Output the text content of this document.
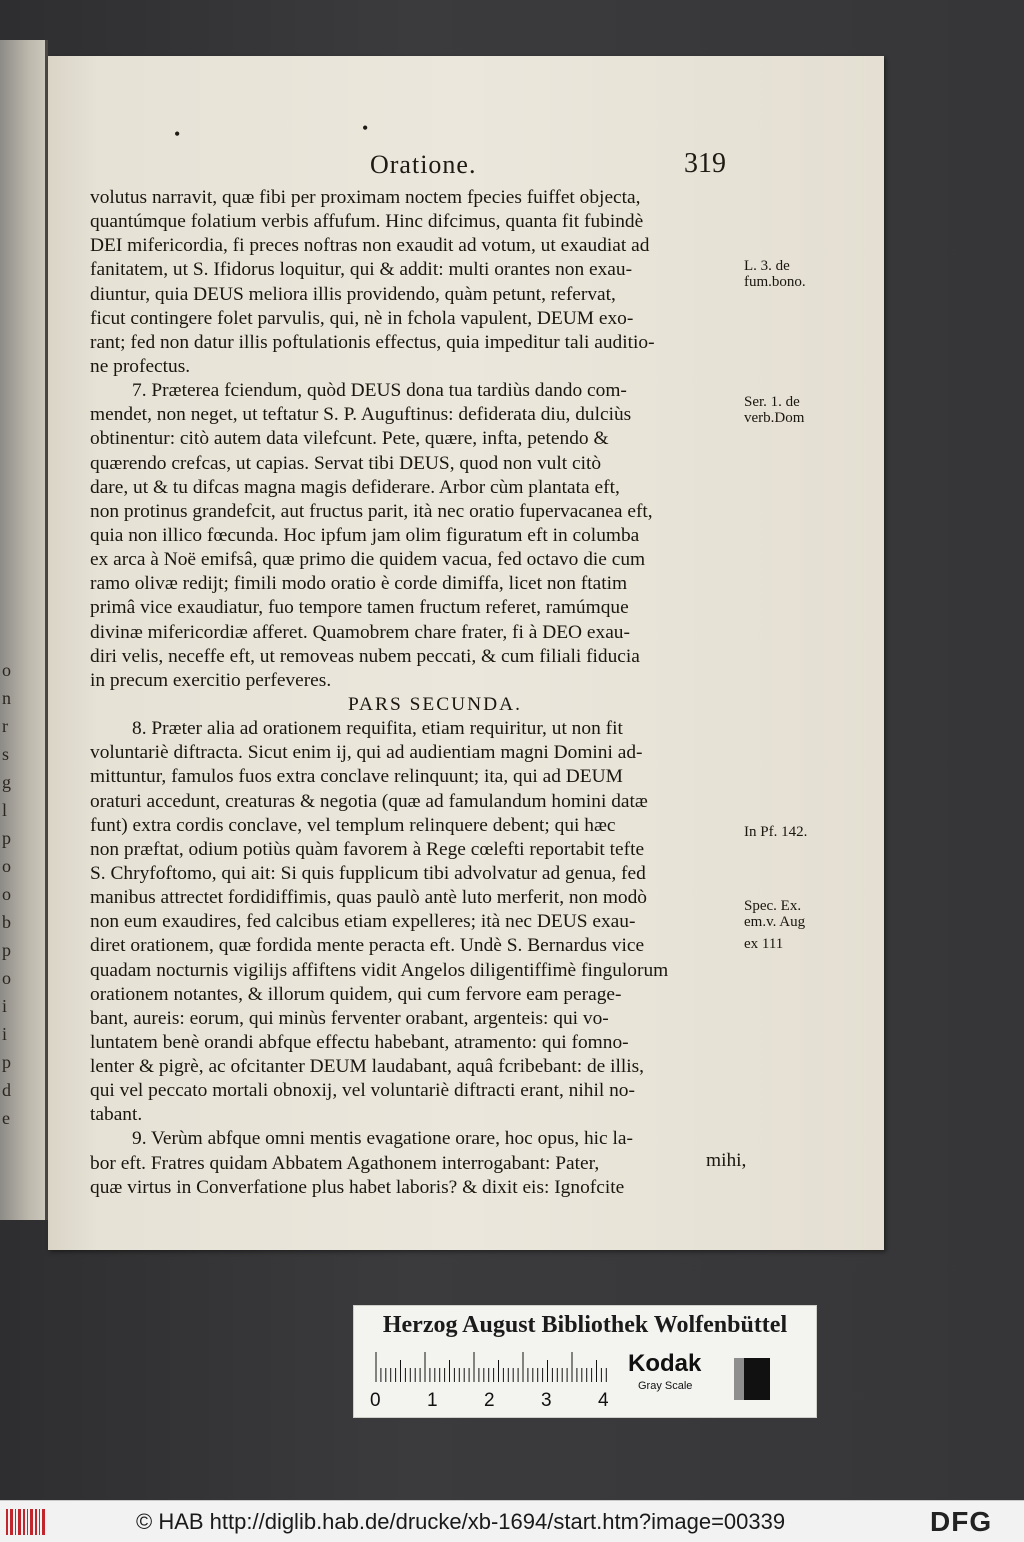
o
n
r
s
g
l
p
o
o
b
p
o
i
i
p
d
e
•	•
Oratione.	319
volutus narravit, quæ fibi per proximam noctem fpecies fuiffet objecta,
quantúmque folatium verbis affufum. Hinc difcimus, quanta fit fubindè
DEI mifericordia, fi preces noftras non exaudit ad votum, ut exaudiat ad
fanitatem, ut S. Ifidorus loquitur, qui & addit: multi orantes non exau-
diuntur, quia DEUS meliora illis providendo, quàm petunt, refervat,
ficut contingere folet parvulis, qui, nè in fchola vapulent, DEUM exo-
rant; fed non datur illis poftulationis effectus, quia impeditur tali auditio-
ne profectus.
7. Præterea fciendum, quòd DEUS dona tua tardiùs dando com-
mendet, non neget, ut teftatur S. P. Auguftinus: defiderata diu, dulciùs
obtinentur: citò autem data vilefcunt. Pete, quære, infta, petendo &
quærendo crefcas, ut capias. Servat tibi DEUS, quod non vult citò
dare, ut & tu difcas magna magis defiderare. Arbor cùm plantata eft,
non protinus grandefcit, aut fructus parit, ità nec oratio fupervacanea eft,
quia non illico fœcunda. Hoc ipfum jam olim figuratum eft in columba
ex arca à Noë emifsâ, quæ primo die quidem vacua, fed octavo die cum
ramo olivæ redijt; fimili modo oratio è corde dimiffa, licet non ftatim
primâ vice exaudiatur, fuo tempore tamen fructum referet, ramúmque
divinæ mifericordiæ afferet. Quamobrem chare frater, fi à DEO exau-
diri velis, neceffe eft, ut removeas nubem peccati, & cum filiali fiducia
in precum exercitio perfeveres.
PARS SECUNDA.
8. Præter alia ad orationem requifita, etiam requiritur, ut non fit
voluntariè diftracta. Sicut enim ij, qui ad audientiam magni Domini ad-
mittuntur, famulos fuos extra conclave relinquunt; ita, qui ad DEUM
oraturi accedunt, creaturas & negotia (quæ ad famulandum homini datæ
funt) extra cordis conclave, vel templum relinquere debent; qui hæc
non præftat, odium potiùs quàm favorem à Rege cœlefti reportabit tefte
S. Chryfoftomo, qui ait: Si quis fupplicum tibi advolvatur ad genua, fed
manibus attrectet fordidiffimis, quas paulò antè luto merferit, non modò
non eum exaudires, fed calcibus etiam expelleres; ità nec DEUS exau-
diret orationem, quæ fordida mente peracta eft. Undè S. Bernardus vice
quadam nocturnis vigilijs affiftens vidit Angelos diligentiffimè fingulorum
orationem notantes, & illorum quidem, qui cum fervore eam perage-
bant, aureis: eorum, qui minùs ferventer orabant, argenteis: qui vo-
luntatem benè orandi abfque effectu habebant, atramento: qui fomno-
lenter & pigrè, ac ofcitanter DEUM laudabant, aquâ fcribebant: de illis,
qui vel peccato mortali obnoxij, vel voluntariè diftracti erant, nihil no-
tabant.
9. Verùm abfque omni mentis evagatione orare, hoc opus, hic la-
bor eft. Fratres quidam Abbatem Agathonem interrogabant: Pater,
quæ virtus in Converfatione plus habet laboris? & dixit eis: Ignofcite
L. 3. de
fum.bono.
Ser. 1. de
verb.Dom
In Pf. 142.
Spec. Ex.
em.v. Aug
ex 111
mihi,
Herzog August Bibliothek Wolfenbüttel
0 1 2 3 4
Kodak
Gray Scale
© HAB http://diglib.hab.de/drucke/xb-1694/start.htm?image=00339	DFG
